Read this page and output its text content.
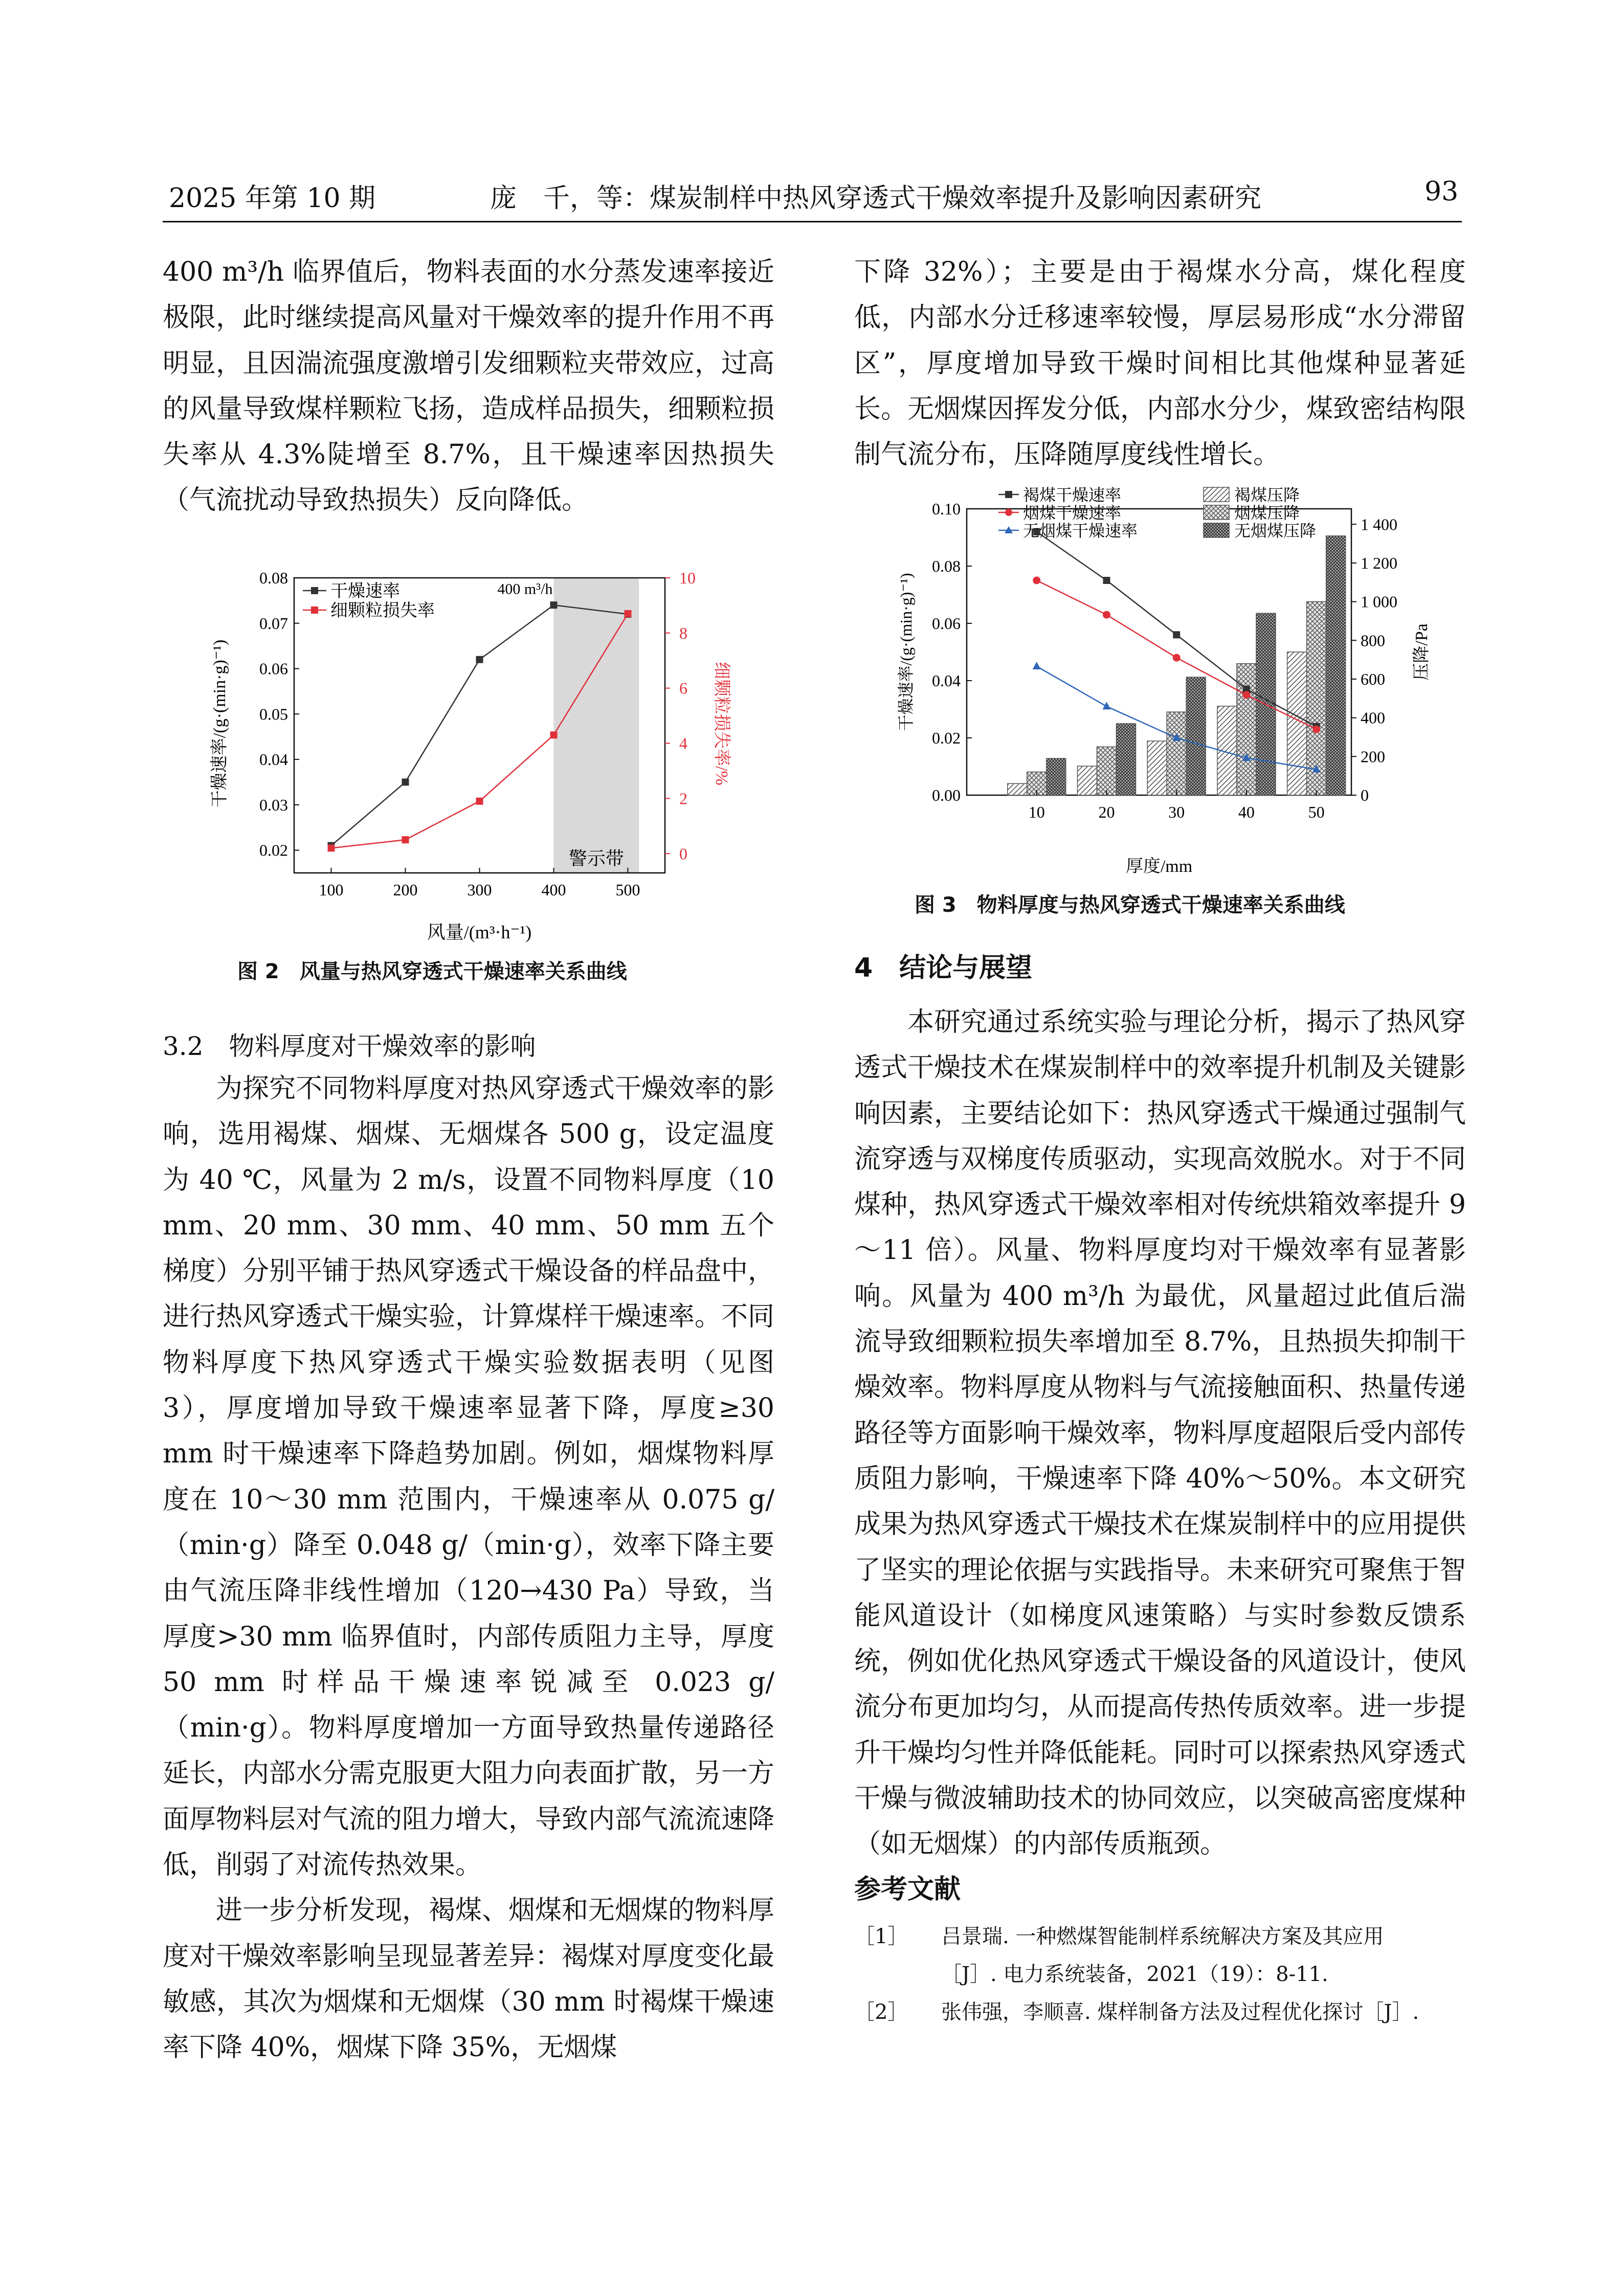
2025 年第 10 期	庞　千，等：煤炭制样中热风穿透式干燥效率提升及影响因素研究	93

400 m³/h 临界值后，物料表面的水分蒸发速率接近极限，此时继续提高风量对干燥效率的提升作用不再明显，且因湍流强度激增引发细颗粒夹带效应，过高的风量导致煤样颗粒飞扬，造成样品损失，细颗粒损失率从 4.3%陡增至 8.7%，且干燥速率因热损失（气流扰动导致热损失）反向降低。

0.02
0.03
0.04
0.05
0.06
0.07
0.08
0
2
4
6
8
10
100	200	300	400	500
警示带
400 m³/h
干燥速率
细颗粒损失率
风量/(m³·h⁻¹)
干燥速率/(g·(min·g)⁻¹)	细颗粒损失率/%
图 2　风量与热风穿透式干燥速率关系曲线
3.2　物料厚度对干燥效率的影响

为探究不同物料厚度对热风穿透式干燥效率的影响，选用褐煤、烟煤、无烟煤各 500 g，设定温度为 40 ℃，风量为 2 m/s，设置不同物料厚度（10 mm、20 mm、30 mm、40 mm、50 mm 五个梯度）分别平铺于热风穿透式干燥设备的样品盘中，进行热风穿透式干燥实验，计算煤样干燥速率。不同物料厚度下热风穿透式干燥实验数据表明（见图 3），厚度增加导致干燥速率显著下降，厚度≥30 mm 时干燥速率下降趋势加剧。例如，烟煤物料厚度在 10～30 mm 范围内，干燥速率从 0.075 g/（min·g）降至 0.048 g/（min·g），效率下降主要由气流压降非线性增加（120→430 Pa）导致，当厚度>30 mm 临界值时，内部传质阻力主导，厚度 50 mm 时样品干燥速率锐减至 0.023 g/（min·g）。物料厚度增加一方面导致热量传递路径延长，内部水分需克服更大阻力向表面扩散，另一方面厚物料层对气流的阻力增大，导致内部气流流速降低，削弱了对流传热效果。

进一步分析发现，褐煤、烟煤和无烟煤的物料厚度对干燥效率影响呈现显著差异：褐煤对厚度变化最敏感，其次为烟煤和无烟煤（30 mm 时褐煤干燥速率下降 40%，烟煤下降 35%，无烟煤

下降 32%）；主要是由于褐煤水分高，煤化程度低，内部水分迁移速率较慢，厚层易形成“水分滞留区”，厚度增加导致干燥时间相比其他煤种显著延长。无烟煤因挥发分低，内部水分少，煤致密结构限制气流分布，压降随厚度线性增长。

0.00
0.02
0.04
0.06
0.08
0.10
0
200
400
600
800
1 000
1 200
1 400
10	20	30	40	50
褐煤干燥速率
烟煤干燥速率
无烟煤干燥速率
褐煤压降
烟煤压降
无烟煤压降
厚度/mm
干燥速率/(g·(min·g)⁻¹)	压降/Pa
图 3　物料厚度与热风穿透式干燥速率关系曲线
4　结论与展望

本研究通过系统实验与理论分析，揭示了热风穿透式干燥技术在煤炭制样中的效率提升机制及关键影响因素，主要结论如下：热风穿透式干燥通过强制气流穿透与双梯度传质驱动，实现高效脱水。对于不同煤种，热风穿透式干燥效率相对传统烘箱效率提升 9～11 倍）。风量、物料厚度均对干燥效率有显著影响。风量为 400 m³/h 为最优，风量超过此值后湍流导致细颗粒损失率增加至 8.7%，且热损失抑制干燥效率。物料厚度从物料与气流接触面积、热量传递路径等方面影响干燥效率，物料厚度超限后受内部传质阻力影响，干燥速率下降 40%～50%。本文研究成果为热风穿透式干燥技术在煤炭制样中的应用提供了坚实的理论依据与实践指导。未来研究可聚焦于智能风道设计（如梯度风速策略）与实时参数反馈系统，例如优化热风穿透式干燥设备的风道设计，使风流分布更加均匀，从而提高传热传质效率。进一步提升干燥均匀性并降低能耗。同时可以探索热风穿透式干燥与微波辅助技术的协同效应，以突破高密度煤种（如无烟煤）的内部传质瓶颈。

参考文献
［1］ 吕景瑞. 一种燃煤智能制样系统解决方案及其应用
［J］. 电力系统装备，2021（19）：8-11.
［2］ 张伟强，李顺喜. 煤样制备方法及过程优化探讨［J］.
